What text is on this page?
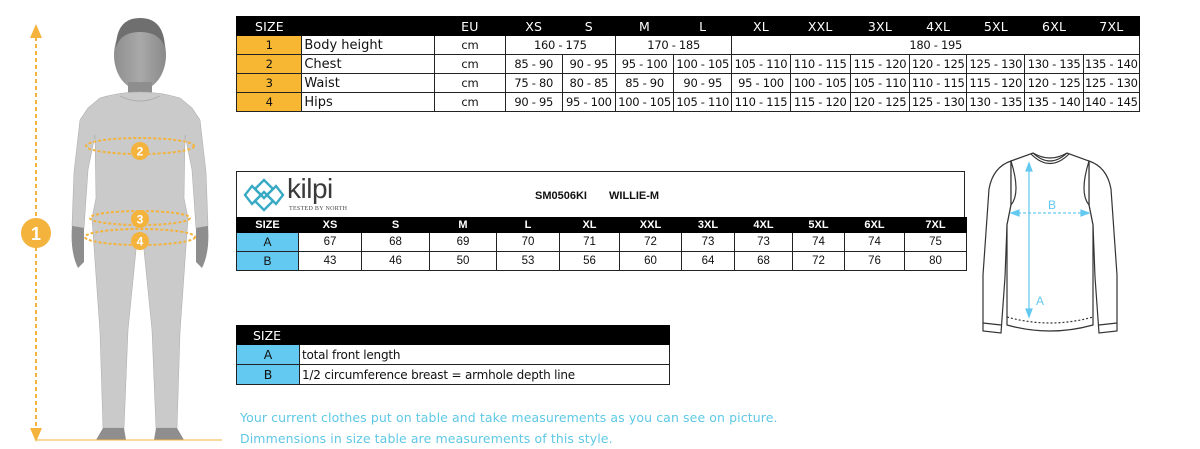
1
2
3
4
SIZE		EU	XS	S	M	L	XL	XXL	3XL	4XL	5XL	6XL	7XL
1	Body height	cm	160 - 175		170 - 185		180 - 195						
2	Chest	cm	85 - 90	90 - 95	95 - 100	100 - 105	105 - 110	110 - 115	115 - 120	120 - 125	125 - 130	130 - 135	135 - 140
3	Waist	cm	75 - 80	80 - 85	85 - 90	90 - 95	95 - 100	100 - 105	105 - 110	110 - 115	115 - 120	120 - 125	125 - 130
4	Hips	cm	90 - 95	95 - 100	100 - 105	105 - 110	110 - 115	115 - 120	120 - 125	125 - 130	130 - 135	135 - 140	140 - 145
kilpi
TESTED BY NORTH
SM0506KI WILLIE-M
SIZE	XS	S	M	L	XL	XXL	3XL	4XL	5XL	6XL	7XL
A	67	68	69	70	71	72	73	73	74	74	75
B	43	46	50	53	56	60	64	68	72	76	80
SIZE	
A	total front length
B	1/2 circumference breast = armhole depth line
Your current clothes put on table and take measurements as you can see on picture.
Dimmensions in size table are measurements of this style.
B
A
